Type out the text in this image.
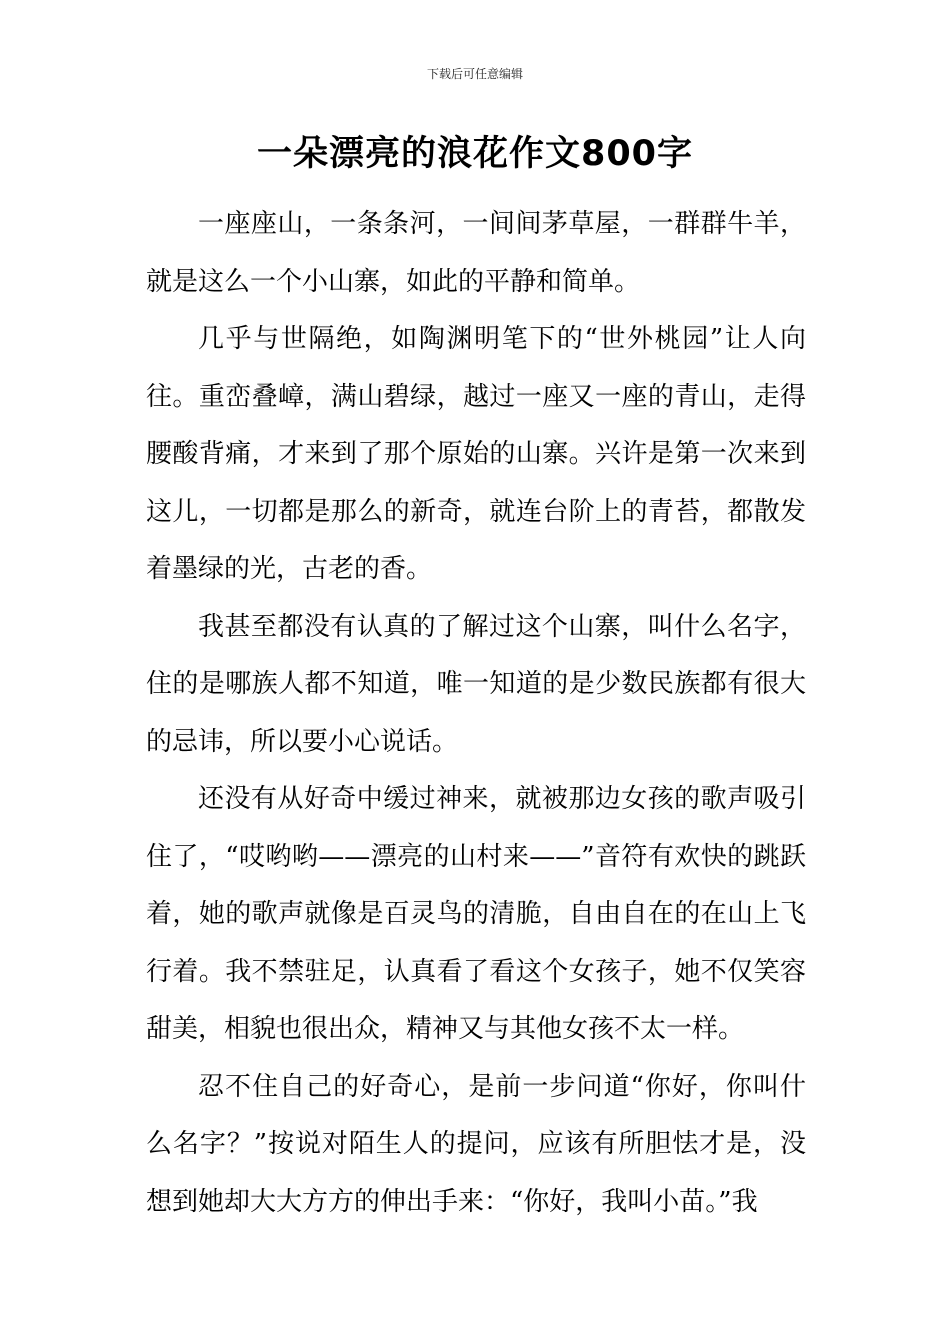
下载后可任意编辑
一朵漂亮的浪花作文800字

一座座山，一条条河，一间间茅草屋，一群群牛羊，就是这么一个小山寨，如此的平静和简单。

几乎与世隔绝，如陶渊明笔下的“世外桃园”让人向往。重峦叠嶂，满山碧绿，越过一座又一座的青山，走得腰酸背痛，才来到了那个原始的山寨。兴许是第一次来到这儿，一切都是那么的新奇，就连台阶上的青苔，都散发着墨绿的光，古老的香。

我甚至都没有认真的了解过这个山寨，叫什么名字，住的是哪族人都不知道，唯一知道的是少数民族都有很大的忌讳，所以要小心说话。

还没有从好奇中缓过神来，就被那边女孩的歌声吸引住了，“哎哟哟——漂亮的山村来——”音符有欢快的跳跃着，她的歌声就像是百灵鸟的清脆，自由自在的在山上飞行着。我不禁驻足，认真看了看这个女孩子，她不仅笑容甜美，相貌也很出众，精神又与其他女孩不太一样。

忍不住自己的好奇心，是前一步问道“你好，你叫什么名字？”按说对陌生人的提问，应该有所胆怯才是，没想到她却大大方方的伸出手来：“你好，我叫小苗。”我
